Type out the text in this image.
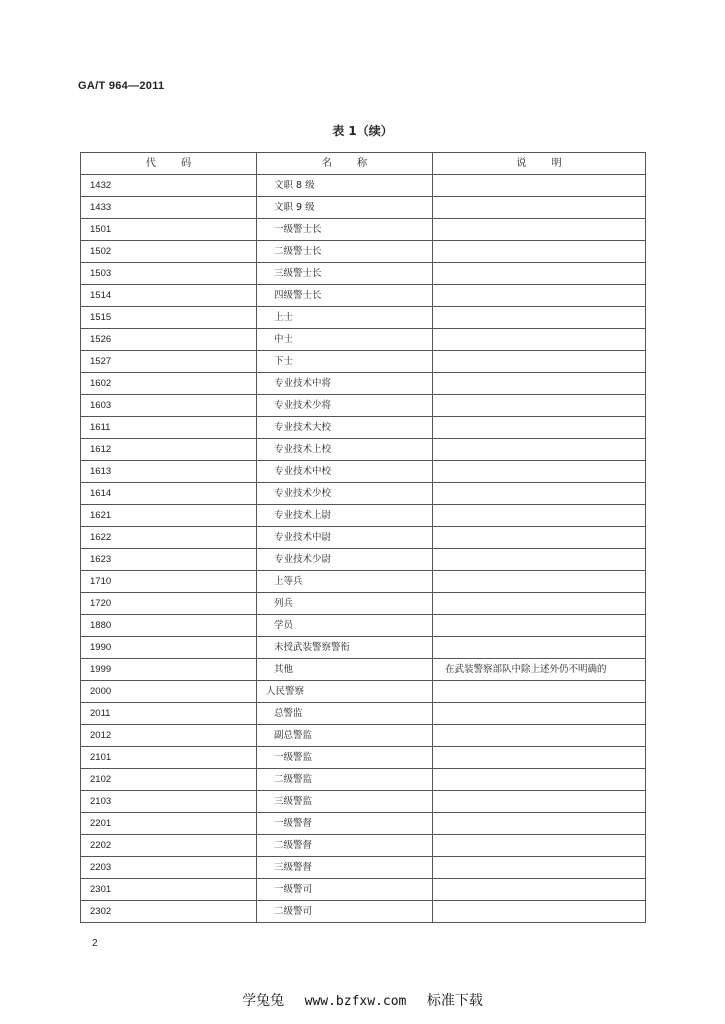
GA/T 964—2011
表 1（续）
代 码	名 称	说 明
1432	文职 8 级	
1433	文职 9 级	
1501	一级警士长	
1502	二级警士长	
1503	三级警士长	
1514	四级警士长	
1515	上士	
1526	中士	
1527	下士	
1602	专业技术中将	
1603	专业技术少将	
1611	专业技术大校	
1612	专业技术上校	
1613	专业技术中校	
1614	专业技术少校	
1621	专业技术上尉	
1622	专业技术中尉	
1623	专业技术少尉	
1710	上等兵	
1720	列兵	
1880	学员	
1990	未授武装警察警衔	
1999	其他	在武装警察部队中除上述外仍不明确的
2000	人民警察	
2011	总警监	
2012	副总警监	
2101	一级警监	
2102	二级警监	
2103	三级警监	
2201	一级警督	
2202	二级警督	
2203	三级警督	
2301	一级警司	
2302	二级警司	
2
学兔兔 www.bzfxw.com 标准下载
